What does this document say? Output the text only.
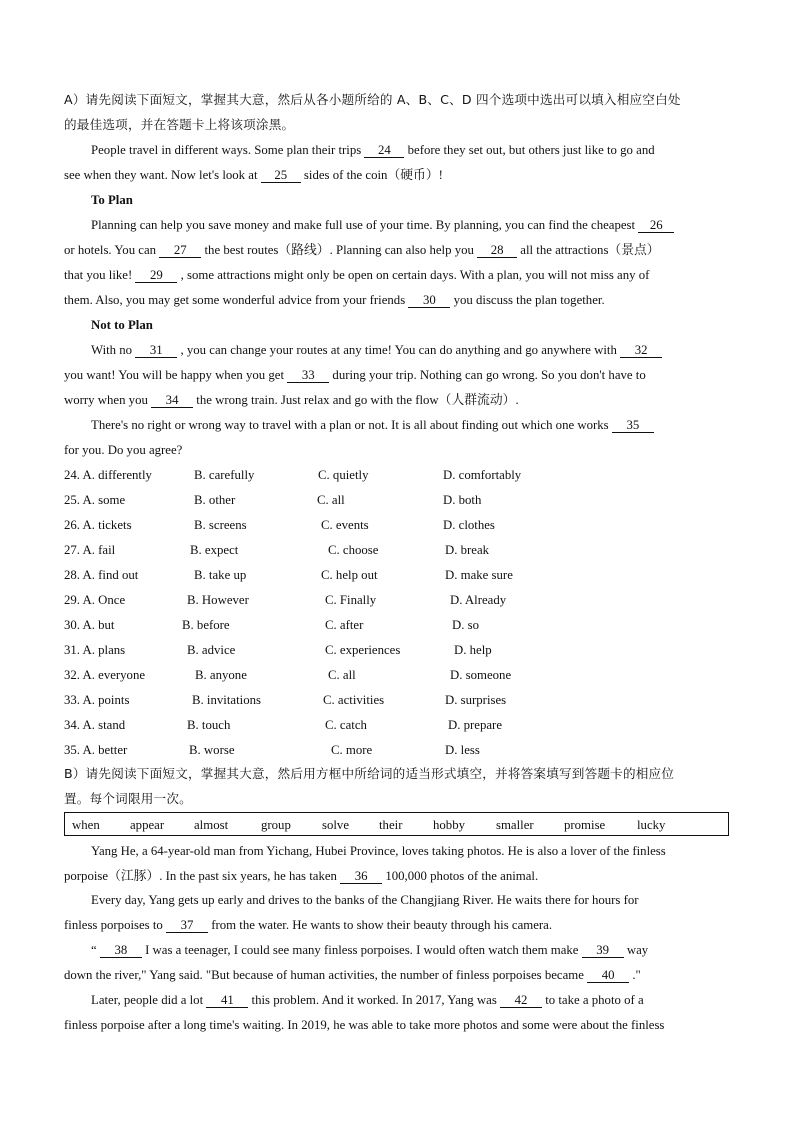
A）请先阅读下面短文，掌握其大意，然后从各小题所给的 A、B、C、D 四个选项中选出可以填入相应空白处
的最佳选项，并在答题卡上将该项涂黑。
People travel in different ways. Some plan their trips 24 before they set out, but others just like to go and
see when they want. Now let's look at 25 sides of the coin（硬币）!
To Plan
Planning can help you save money and make full use of your time. By planning, you can find the cheapest 26
or hotels. You can 27 the best routes（路线）. Planning can also help you 28 all the attractions（景点）
that you like! 29 , some attractions might only be open on certain days. With a plan, you will not miss any of
them. Also, you may get some wonderful advice from your friends 30 you discuss the plan together.
Not to Plan
With no 31 , you can change your routes at any time! You can do anything and go anywhere with 32
you want! You will be happy when you get 33 during your trip. Nothing can go wrong. So you don't have to
worry when you 34 the wrong train. Just relax and go with the flow（人群流动）.
There's no right or wrong way to travel with a plan or not. It is all about finding out which one works 35
for you. Do you agree?
24. A. differently	B. carefully	C. quietly	D. comfortably
25. A. some	B. other	C. all	D. both
26. A. tickets	B. screens	C. events	D. clothes
27. A. fail	B. expect	C. choose	D. break
28. A. find out	B. take up	C. help out	D. make sure
29. A. Once	B. However	C. Finally	D. Already
30. A. but	B. before	C. after	D. so
31. A. plans	B. advice	C. experiences	D. help
32. A. everyone	B. anyone	C. all	D. someone
33. A. points	B. invitations	C. activities	D. surprises
34. A. stand	B. touch	C. catch	D. prepare
35. A. better	B. worse	C. more	D. less
B）请先阅读下面短文，掌握其大意，然后用方框中所给词的适当形式填空，并将答案填写到答题卡的相应位
置。每个词限用一次。
when appear almost	group solve their hobby smaller promise lucky
Yang He, a 64-year-old man from Yichang, Hubei Province, loves taking photos. He is also a lover of the finless
porpoise（江豚）. In the past six years, he has taken 36 100,000 photos of the animal.
Every day, Yang gets up early and drives to the banks of the Changjiang River. He waits there for hours for
finless porpoises to 37 from the water. He wants to show their beauty through his camera.
“ 38 I was a teenager, I could see many finless porpoises. I would often watch them make 39 way
down the river," Yang said. "But because of human activities, the number of finless porpoises became 40 ."
Later, people did a lot 41 this problem. And it worked. In 2017, Yang was 42 to take a photo of a
finless porpoise after a long time's waiting. In 2019, he was able to take more photos and some were about the finless
